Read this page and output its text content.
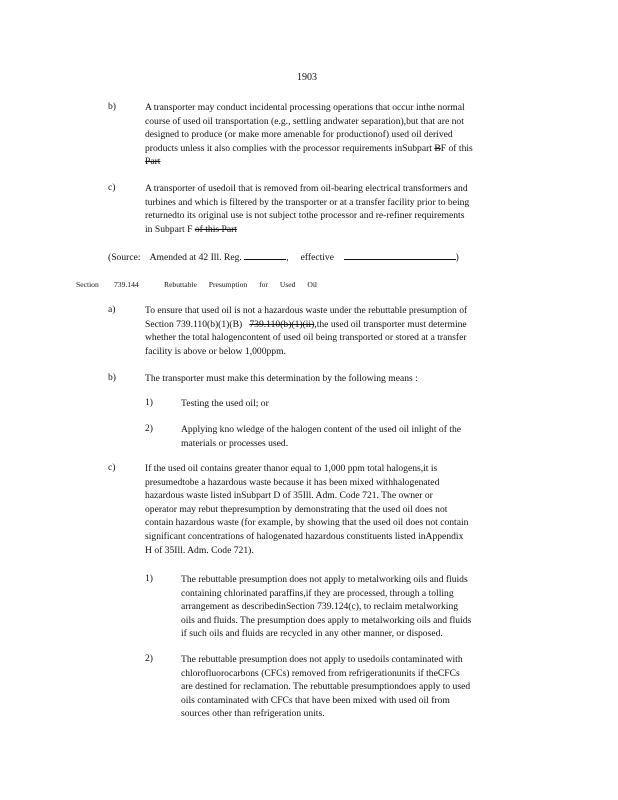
1903
b)	A transporter may conduct incidental processing operations that occur inthe normal

course of used oil transportation (e.g., settling andwater separation),but that are not

designed to produce (or make more amenable for productionof) used oil derived

products unless it also complies with the processor requirements inSubpart BF of this

Part

c)	A transporter of usedoil that is removed from oil-bearing electrical transformers and

turbines and which is filtered by the transporter or at a transfer facility prior to being

returnedto its original use is not subject tothe processor and re-refiner requirements

in Subpart F of this Part

(Source: Amended at 42 Ill. Reg.	, effective	)
Section 739.144	Rebuttable Presumption for Used Oil
a)	To ensure that used oil is not a hazardous waste under the rebuttable presumption of

Section 739.110(b)(1)(B) 739.110(b)(1)(ii),the used oil transporter must determine

whether the total halogencontent of used oil being transported or stored at a transfer

facility is above or below 1,000ppm.

b)	The transporter must make this determination by the following means :

1)	Testing the used oil; or

2)	Applying kno wledge of the halogen content of the used oil inlight of the

materials or processes used.

c)	If the used oil contains greater thanor equal to 1,000 ppm total halogens,it is

presumedtobe a hazardous waste because it has been mixed withhalogenated

hazardous waste listed inSubpart D of 35Ill. Adm. Code 721. The owner or

operator may rebut thepresumption by demonstrating that the used oil does not

contain hazardous waste (for example, by showing that the used oil does not contain

significant concentrations of halogenated hazardous constituents listed inAppendix

H of 35Ill. Adm. Code 721).

1)	The rebuttable presumption does not apply to metalworking oils and fluids

containing chlorinated paraffins,if they are processed, through a tolling

arrangement as describedinSection 739.124(c), to reclaim metalworking

oils and fluids. The presumption does apply to metalworking oils and fluids

if such oils and fluids are recycled in any other manner, or disposed.

2)	The rebuttable presumption does not apply to usedoils contaminated with

chlorofluorocarbons (CFCs) removed from refrigerationunits if theCFCs

are destined for reclamation. The rebuttable presumptiondoes apply to used

oils contaminated with CFCs that have been mixed with used oil from

sources other than refrigeration units.
